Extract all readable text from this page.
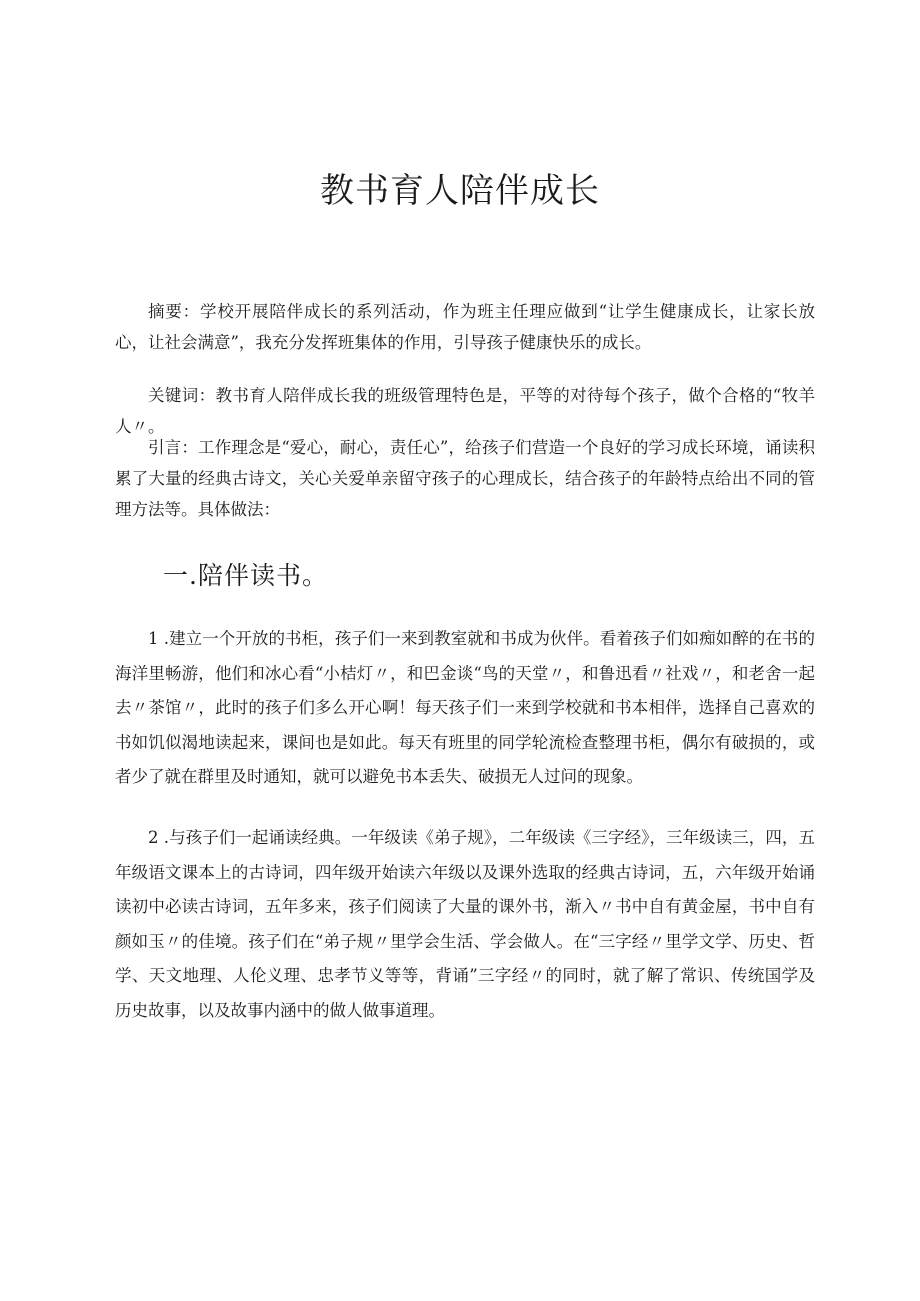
教书育人陪伴成长

摘要：学校开展陪伴成长的系列活动，作为班主任理应做到“让学生健康成长，让家长放心，让社会满意”，我充分发挥班集体的作用，引导孩子健康快乐的成长。

关键词：教书育人陪伴成长我的班级管理特色是，平等的对待每个孩子，做个合格的“牧羊人〃。

引言：工作理念是“爱心，耐心，责任心”，给孩子们营造一个良好的学习成长环境，诵读积累了大量的经典古诗文，关心关爱单亲留守孩子的心理成长，结合孩子的年龄特点给出不同的管理方法等。具体做法：

一.陪伴读书。

1 .建立一个开放的书柜，孩子们一来到教室就和书成为伙伴。看着孩子们如痴如醉的在书的海洋里畅游，他们和冰心看“小桔灯〃，和巴金谈“鸟的天堂〃，和鲁迅看〃社戏〃，和老舍一起去〃茶馆〃，此时的孩子们多么开心啊！每天孩子们一来到学校就和书本相伴，选择自己喜欢的书如饥似渴地读起来，课间也是如此。每天有班里的同学轮流检查整理书柜，偶尔有破损的，或者少了就在群里及时通知，就可以避免书本丢失、破损无人过问的现象。

2 .与孩子们一起诵读经典。一年级读《弟子规》，二年级读《三字经》，三年级读三，四，五年级语文课本上的古诗词，四年级开始读六年级以及课外选取的经典古诗词，五，六年级开始诵读初中必读古诗词，五年多来，孩子们阅读了大量的课外书，渐入〃书中自有黄金屋，书中自有颜如玉〃的佳境。孩子们在“弟子规〃里学会生活、学会做人。在“三字经〃里学文学、历史、哲学、天文地理、人伦义理、忠孝节义等等，背诵”三字经〃的同时，就了解了常识、传统国学及历史故事，以及故事内涵中的做人做事道理。
